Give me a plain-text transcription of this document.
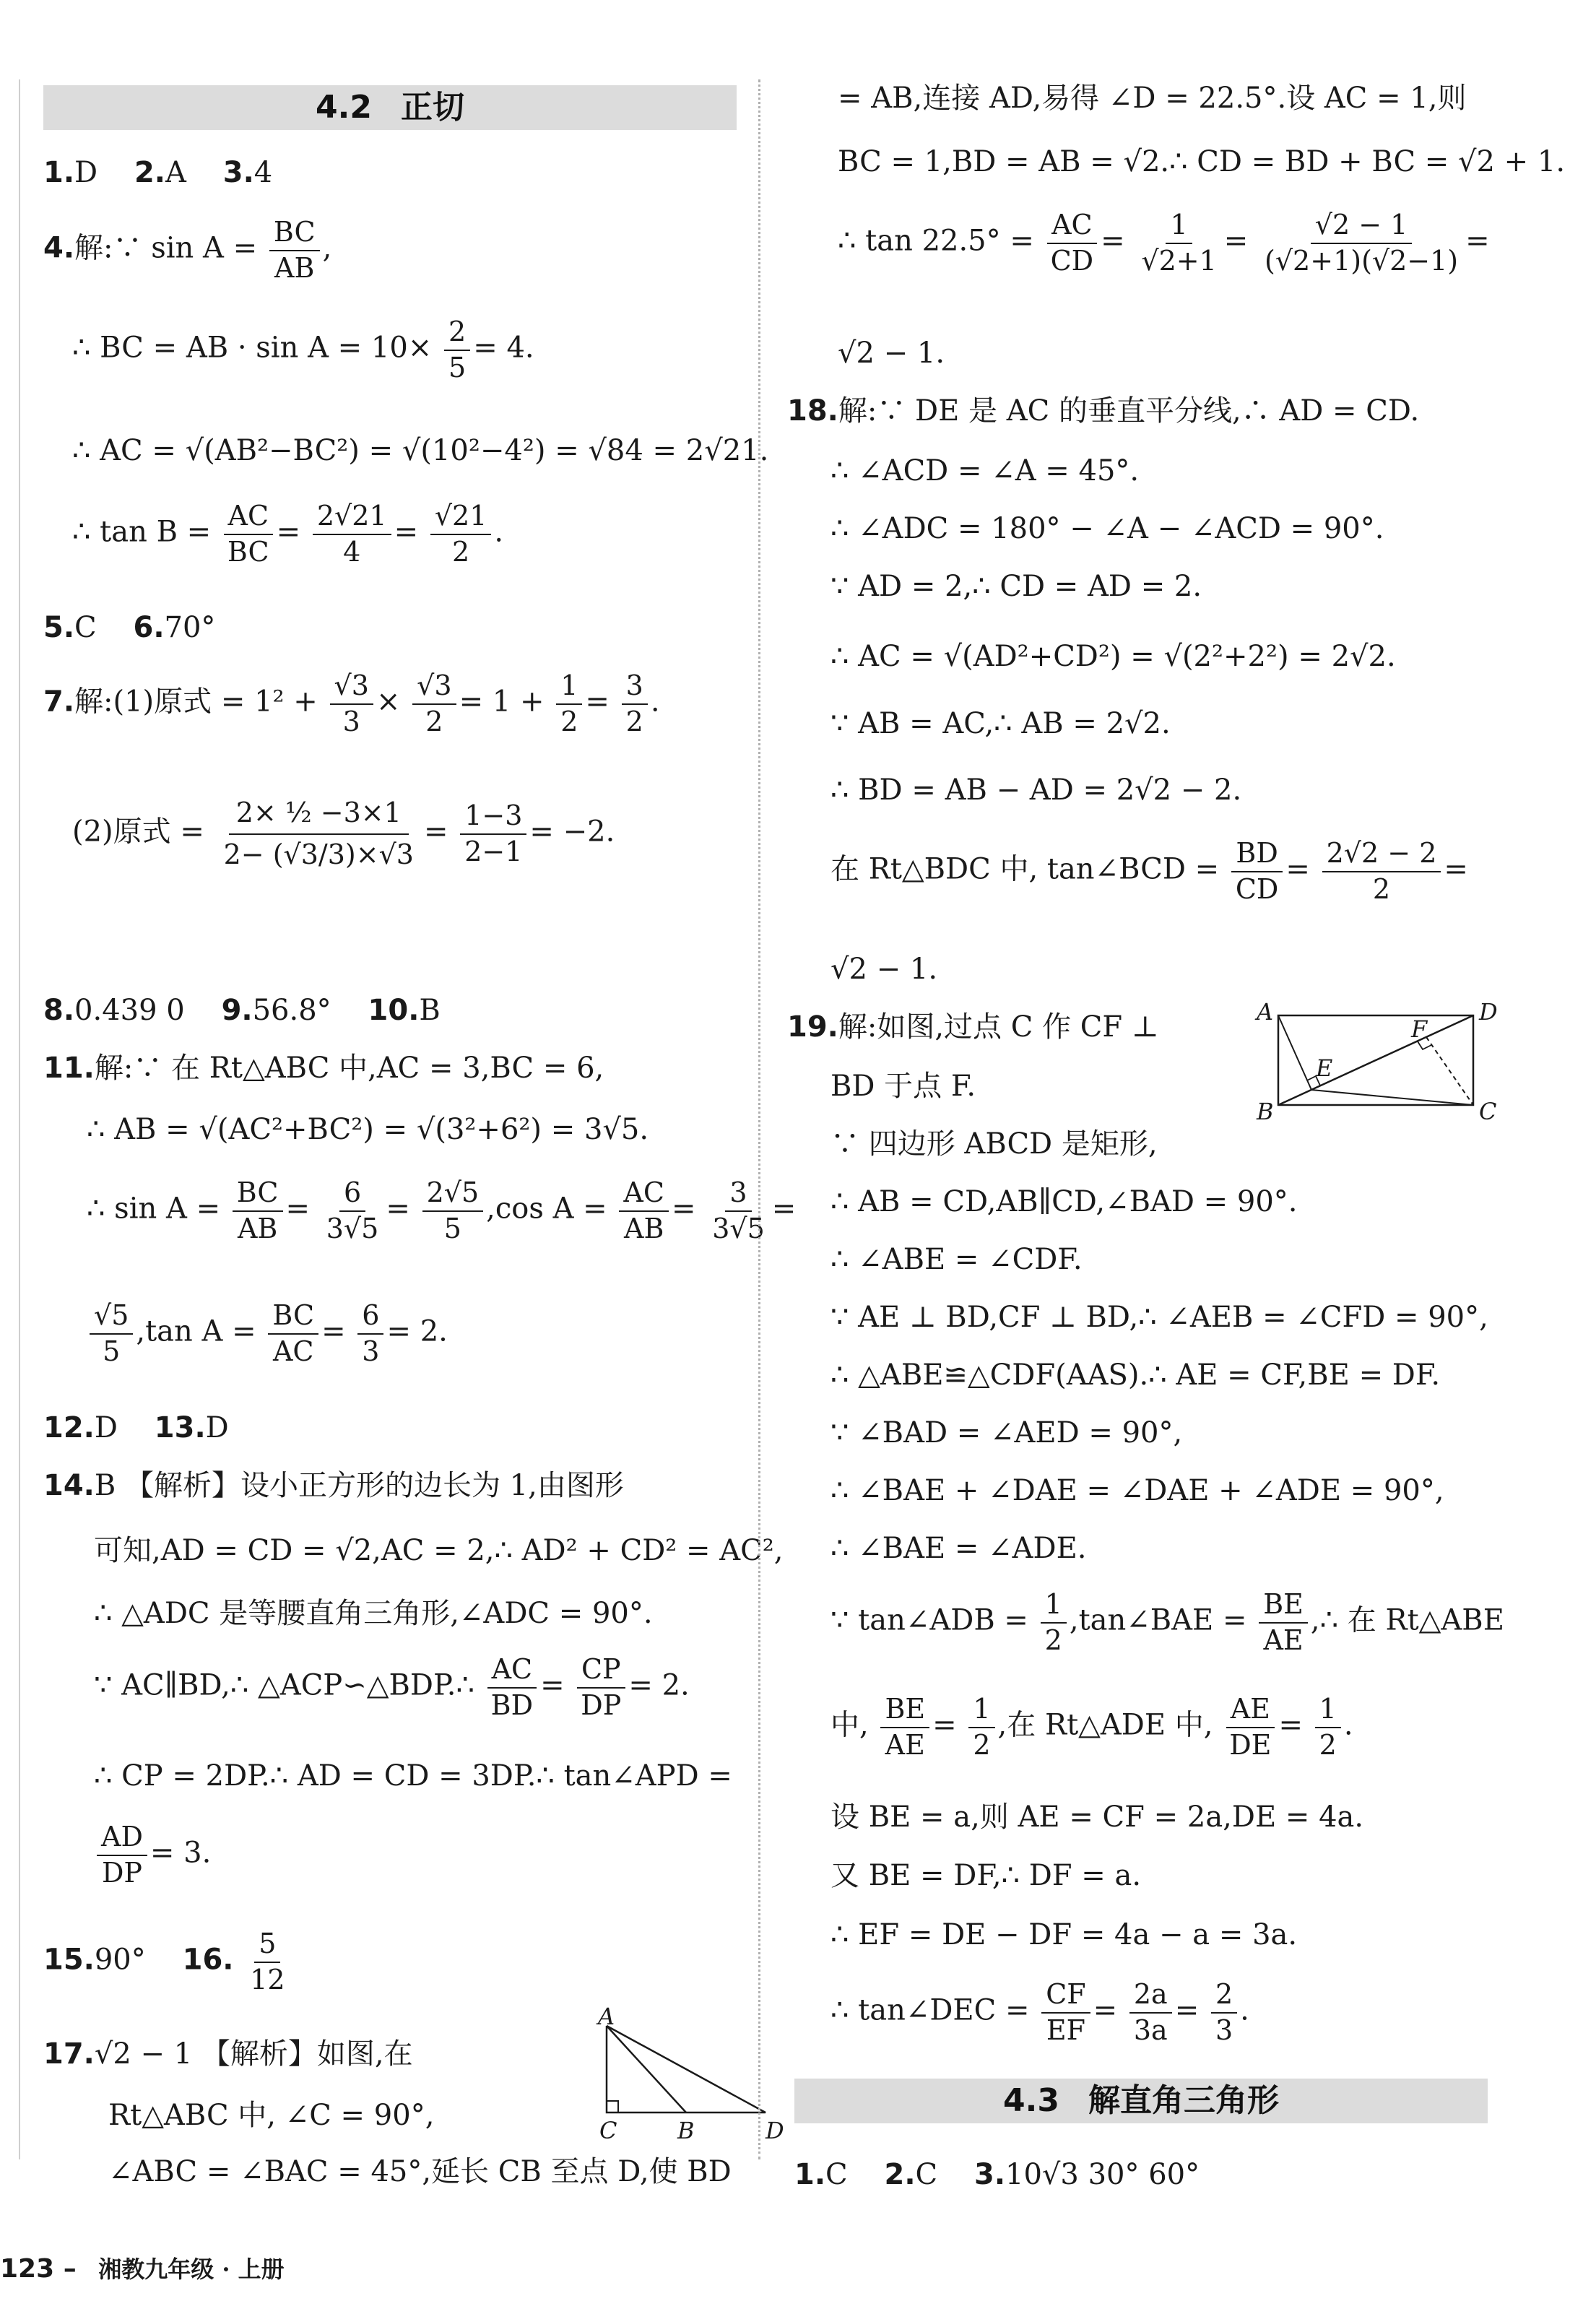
4.2 正切
1.D 2.A 3.4
4.解:∵ $\sin A = \frac{BC}{AB}$ ,
∴ BC = AB · $\sin A = 10\times \frac{2}{5} = 4$.
∴ AC = √(AB²−BC²) = √(10²−4²) = √84 = 2√21.
∴ $\tan B = \frac{AC}{BC} = \frac{2√21}{4} = \frac{√21}{2}$ .
5.C 6.70°
7.解:(1)原式 = $1^2 + \frac{√3}{3} \times \frac{√3}{2} = 1 + \frac{1}{2} = \frac{3}{2}$ .
(2)原式 = $\frac{\text{2× ½ −3×1}}{2- (√3/3)\times√3} = \frac{1-3}{2-1} = -2$.
8.0.439 0 9.56.8° 10.B
11.解:∵ 在 Rt△ABC 中,AC = 3,BC = 6,
∴ AB = √(AC²+BC²) = √(3²+6²) = 3√5.
∴ $\sin A = \frac{BC}{AB} = \frac{6}{3√5} = \frac{2√5}{5} ,\cos$ $A = \frac{AC}{AB} = \frac{3}{3√5}$ =
$\frac{√5}{5} ,\tan$ $A = \frac{BC}{AC} = \frac{6}{3} = 2$.
12.D 13.D
14.B 【解析】设小正方形的边长为 1,由图形
可知,AD = CD = √2,AC = 2,∴ AD² + CD² = AC²,
∴ △ADC 是等腰直角三角形,∠ADC = 90°.
∵ AC∥BD,∴ △ACP∽△BDP.∴ $\frac{AC}{BD} = \frac{CP}{DP} = 2$.
∴ CP = 2DP.∴ AD = CD = 3DP.∴ tan∠APD =
$\frac{AD}{DP} = 3$.
15.90° 16. $\frac{5}{12}$
17.√2 − 1 【解析】如图,在
Rt△ABC 中, ∠C = 90°,
∠ABC = ∠BAC = 45°,延长 CB 至点 D,使 BD
A
C	B	D
= AB,连接 AD,易得 ∠D = 22.5°.设 AC = 1,则
BC = 1,BD = AB = √2.∴ CD = BD + BC = √2 + 1.
∴ $\tan 22.5^\circ = \frac{AC}{CD} = \frac{1}{√2+1} = \frac{√2 - 1}{(√2+1)(√2-1)}$ =
√2 − 1.
18.解:∵ DE 是 AC 的垂直平分线,∴ AD = CD.
∴ ∠ACD = ∠A = 45°.
∴ ∠ADC = 180° − ∠A − ∠ACD = 90°.
∵ AD = 2,∴ CD = AD = 2.
∴ AC = √(AD²+CD²) = √(2²+2²) = 2√2.
∵ AB = AC,∴ AB = 2√2.
∴ BD = AB − AD = 2√2 − 2.
在 Rt△BDC 中, tan∠BCD = $\frac{BD}{CD} = \frac{2√2 - 2}{2}$ =
√2 − 1.
19.解:如图,过点 C 作 CF ⊥
BD 于点 F.
∵ 四边形 ABCD 是矩形,
∴ AB = CD,AB∥CD,∠BAD = 90°.
∴ ∠ABE = ∠CDF.
∵ AE ⊥ BD,CF ⊥ BD,∴ ∠AEB = ∠CFD = 90°,
∴ △ABE≌△CDF(AAS).∴ AE = CF,BE = DF.
∵ ∠BAD = ∠AED = 90°,
∴ ∠BAE + ∠DAE = ∠DAE + ∠ADE = 90°,
∴ ∠BAE = ∠ADE.
∵ tan∠ADB = $\frac{1}{2}$ ,tan∠BAE = $\frac{BE}{AE}$ ,∴ 在 Rt△ABE
中, $\frac{BE}{AE} = \frac{1}{2}$ ,在 Rt△ADE 中, $\frac{AE}{DE} = \frac{1}{2}$ .
设 BE = a,则 AE = CF = 2a,DE = 4a.
又 BE = DF,∴ DF = a.
∴ EF = DE − DF = 4a − a = 3a.
∴ tan∠DEC = $\frac{CF}{EF} = \frac{2a}{3a} = \frac{2}{3}$ .
4.3 解直角三角形
1.C 2.C 3.10√3 30° 60°
A	D
B	C
E
F
123 – 湘教九年级 · 上册
